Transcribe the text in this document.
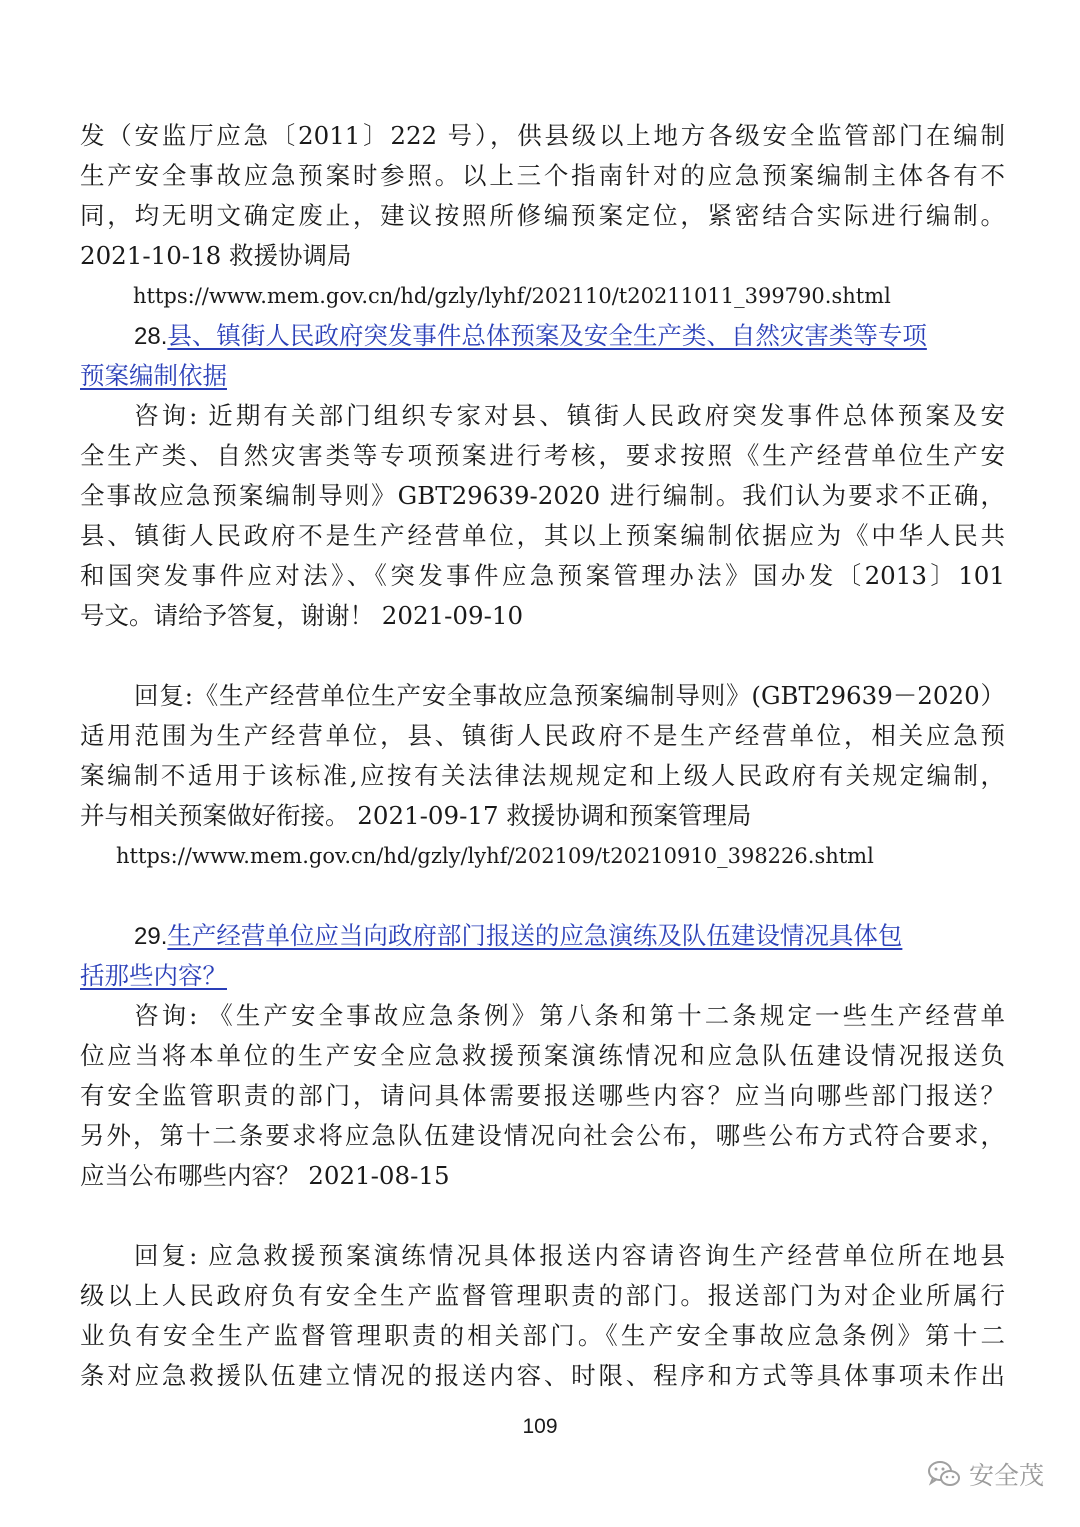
发（安监厅应急〔2011〕222 号），供县级以上地方各级安全监管部门在编制
生产安全事故应急预案时参照。以上三个指南针对的应急预案编制主体各有不
同，均无明文确定废止，建议按照所修编预案定位，紧密结合实际进行编制。
2021-10-18 救援协调局
https://www.mem.gov.cn/hd/gzly/lyhf/202110/t20211011_399790.shtml
28.县、镇街人民政府突发事件总体预案及安全生产类、自然灾害类等专项
预案编制依据
咨询: 近期有关部门组织专家对县、镇街人民政府突发事件总体预案及安
全生产类、自然灾害类等专项预案进行考核，要求按照《生产经营单位生产安
全事故应急预案编制导则》GBT29639-2020 进行编制。我们认为要求不正确，
县、镇街人民政府不是生产经营单位，其以上预案编制依据应为《中华人民共
和国突发事件应对法》、《突发事件应急预案管理办法》国办发〔2013〕101
号文。请给予答复，谢谢！ 2021-09-10
回复:《生产经营单位生产安全事故应急预案编制导则》(GBT29639－2020）
适用范围为生产经营单位，县、镇街人民政府不是生产经营单位，相关应急预
案编制不适用于该标准,应按有关法律法规规定和上级人民政府有关规定编制，
并与相关预案做好衔接。 2021-09-17 救援协调和预案管理局
https://www.mem.gov.cn/hd/gzly/lyhf/202109/t20210910_398226.shtml
29.生产经营单位应当向政府部门报送的应急演练及队伍建设情况具体包
括那些内容？
咨询: 《生产安全事故应急条例》第八条和第十二条规定一些生产经营单
位应当将本单位的生产安全应急救援预案演练情况和应急队伍建设情况报送负
有安全监管职责的部门，请问具体需要报送哪些内容？应当向哪些部门报送？
另外，第十二条要求将应急队伍建设情况向社会公布，哪些公布方式符合要求，
应当公布哪些内容？ 2021-08-15
回复: 应急救援预案演练情况具体报送内容请咨询生产经营单位所在地县
级以上人民政府负有安全生产监督管理职责的部门。报送部门为对企业所属行
业负有安全生产监督管理职责的相关部门。《生产安全事故应急条例》第十二
条对应急救援队伍建立情况的报送内容、时限、程序和方式等具体事项未作出
109
安全茂
